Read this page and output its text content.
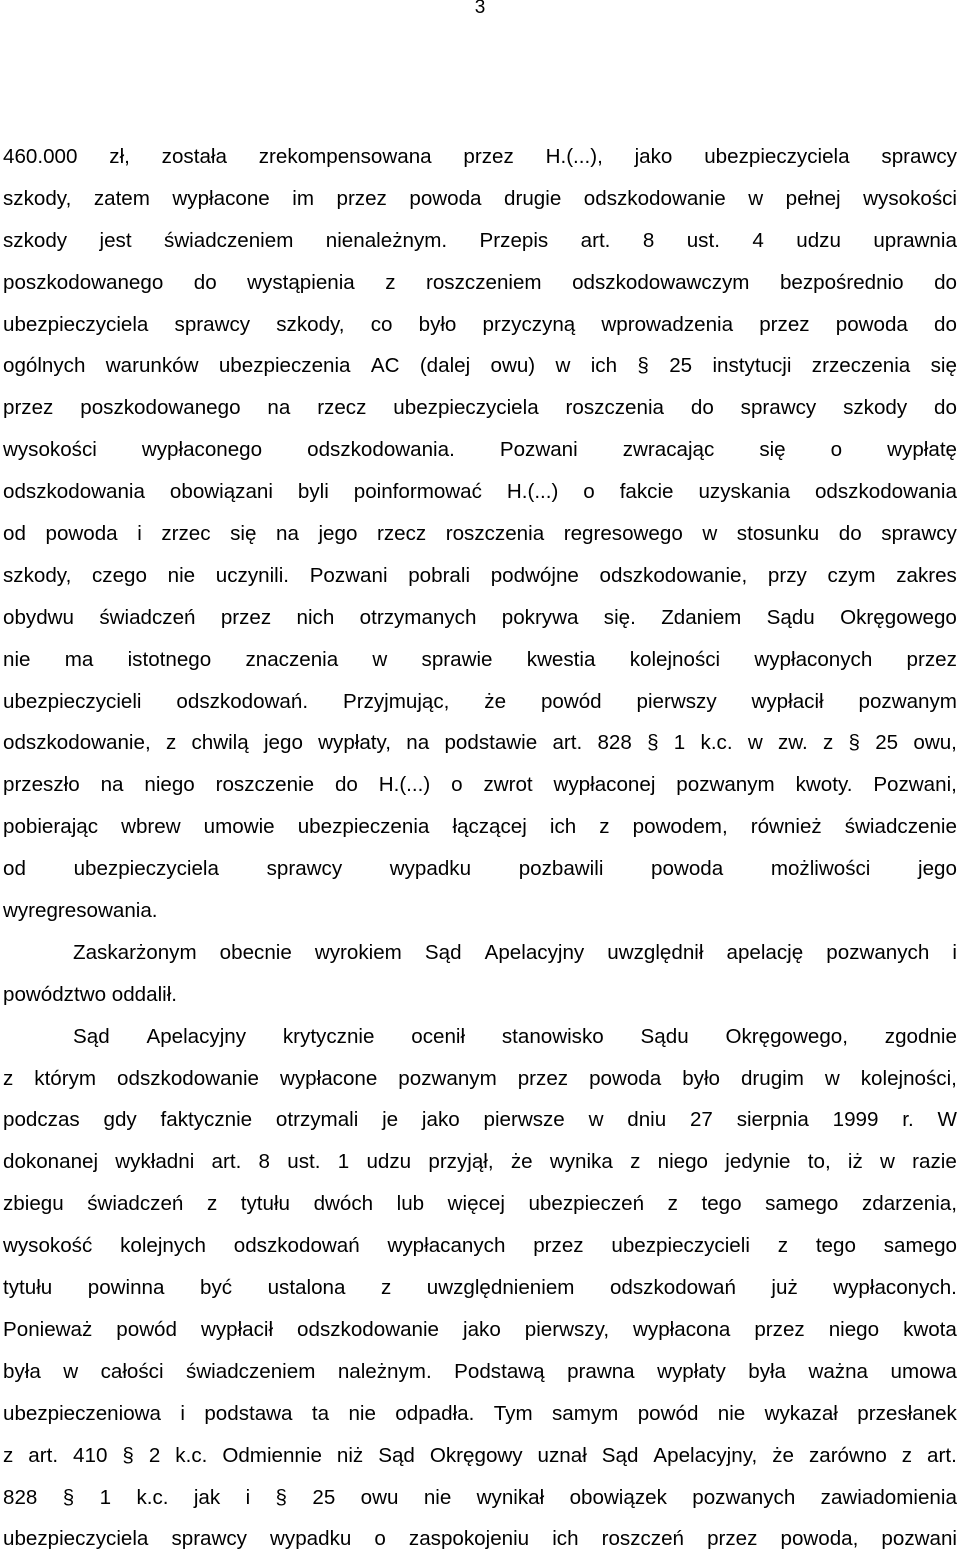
3
460.000 zł, została zrekompensowana przez H.(...), jako ubezpieczyciela sprawcy
szkody, zatem wypłacone im przez powoda drugie odszkodowanie w pełnej wysokości
szkody jest świadczeniem nienależnym. Przepis art. 8 ust. 4 udzu uprawnia
poszkodowanego do wystąpienia z roszczeniem odszkodowawczym bezpośrednio do
ubezpieczyciela sprawcy szkody, co było przyczyną wprowadzenia przez powoda do
ogólnych warunków ubezpieczenia AC (dalej owu) w ich § 25 instytucji zrzeczenia się
przez poszkodowanego na rzecz ubezpieczyciela roszczenia do sprawcy szkody do
wysokości wypłaconego odszkodowania. Pozwani zwracając się o wypłatę
odszkodowania obowiązani byli poinformować H.(...) o fakcie uzyskania odszkodowania
od powoda i zrzec się na jego rzecz roszczenia regresowego w stosunku do sprawcy
szkody, czego nie uczynili. Pozwani pobrali podwójne odszkodowanie, przy czym zakres
obydwu świadczeń przez nich otrzymanych pokrywa się. Zdaniem Sądu Okręgowego
nie ma istotnego znaczenia w sprawie kwestia kolejności wypłaconych przez
ubezpieczycieli odszkodowań. Przyjmując, że powód pierwszy wypłacił pozwanym
odszkodowanie, z chwilą jego wypłaty, na podstawie art. 828 § 1 k.c. w zw. z § 25 owu,
przeszło na niego roszczenie do H.(...) o zwrot wypłaconej pozwanym kwoty. Pozwani,
pobierając wbrew umowie ubezpieczenia łączącej ich z powodem, również świadczenie
od ubezpieczyciela sprawcy wypadku pozbawili powoda możliwości jego
wyregresowania.
Zaskarżonym obecnie wyrokiem Sąd Apelacyjny uwzględnił apelację pozwanych i
powództwo oddalił.
Sąd Apelacyjny krytycznie ocenił stanowisko Sądu Okręgowego, zgodnie
z którym odszkodowanie wypłacone pozwanym przez powoda było drugim w kolejności,
podczas gdy faktycznie otrzymali je jako pierwsze w dniu 27 sierpnia 1999 r. W
dokonanej wykładni art. 8 ust. 1 udzu przyjął, że wynika z niego jedynie to, iż w razie
zbiegu świadczeń z tytułu dwóch lub więcej ubezpieczeń z tego samego zdarzenia,
wysokość kolejnych odszkodowań wypłacanych przez ubezpieczycieli z tego samego
tytułu powinna być ustalona z uwzględnieniem odszkodowań już wypłaconych.
Ponieważ powód wypłacił odszkodowanie jako pierwszy, wypłacona przez niego kwota
była w całości świadczeniem należnym. Podstawą prawna wypłaty była ważna umowa
ubezpieczeniowa i podstawa ta nie odpadła. Tym samym powód nie wykazał przesłanek
z art. 410 § 2 k.c. Odmiennie niż Sąd Okręgowy uznał Sąd Apelacyjny, że zarówno z art.
828 § 1 k.c. jak i § 25 owu nie wynikał obowiązek pozwanych zawiadomienia
ubezpieczyciela sprawcy wypadku o zaspokojeniu ich roszczeń przez powoda, pozwani
